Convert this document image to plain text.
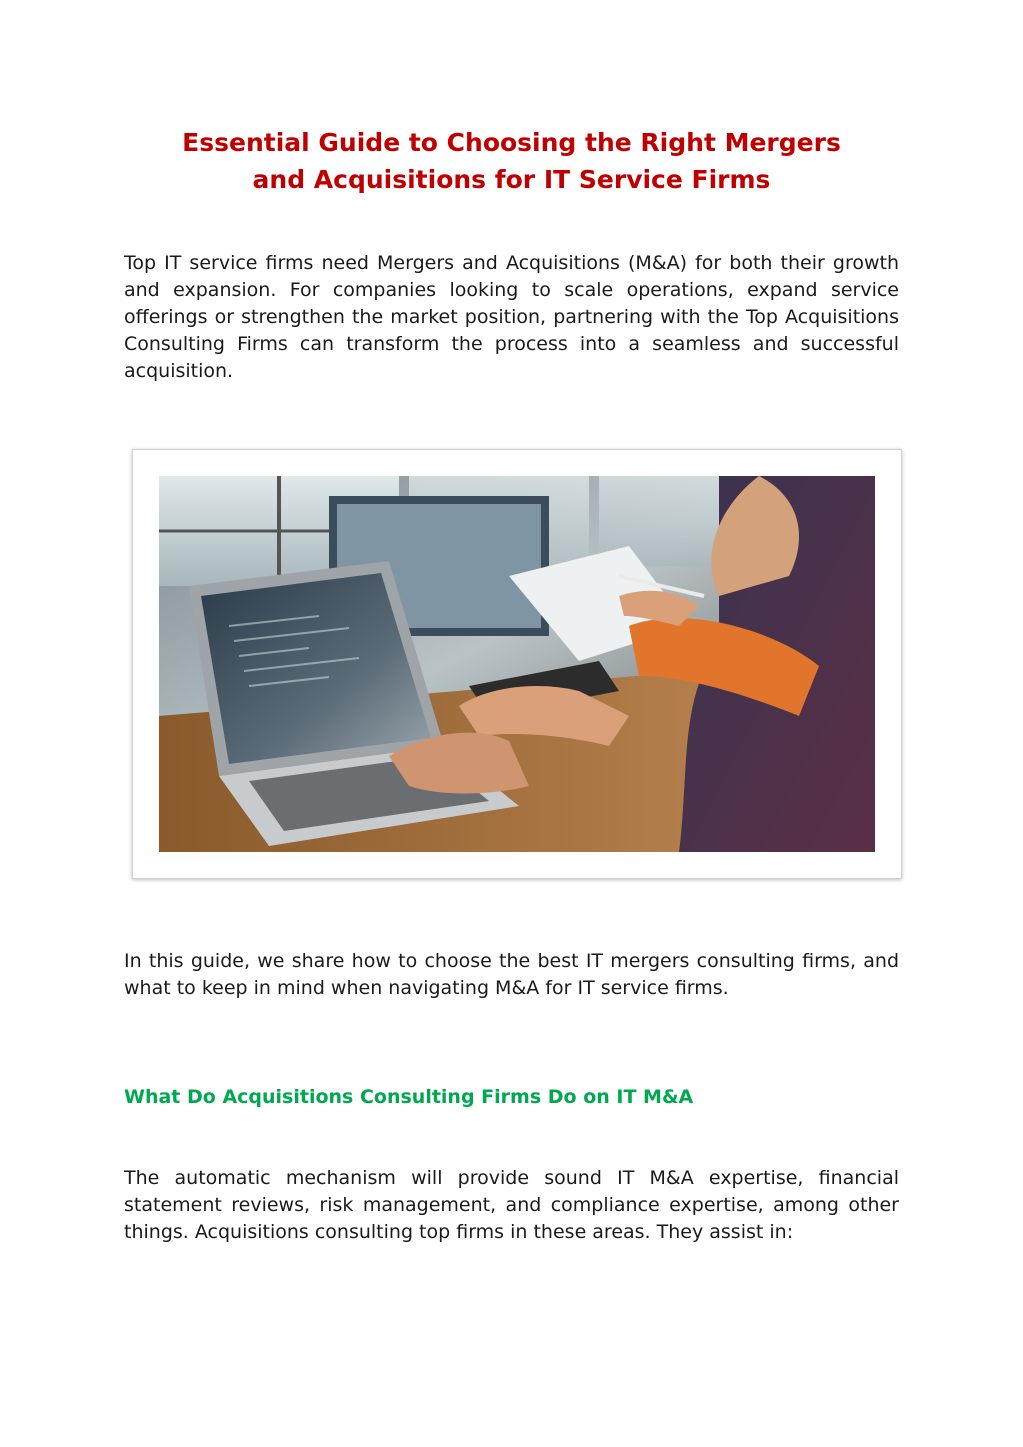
Essential Guide to Choosing the Right Mergers
and Acquisitions for IT Service Firms

Top IT service firms need Mergers and Acquisitions (M&A) for both their growth and expansion. For companies looking to scale operations, expand service offerings or strengthen the market position, partnering with the Top Acquisitions Consulting Firms can transform the process into a seamless and successful acquisition.

In this guide, we share how to choose the best IT mergers consulting firms, and what to keep in mind when navigating M&A for IT service firms.

What Do Acquisitions Consulting Firms Do on IT M&A

The automatic mechanism will provide sound IT M&A expertise, financial statement reviews, risk management, and compliance expertise, among other things. Acquisitions consulting top firms in these areas. They assist in:
